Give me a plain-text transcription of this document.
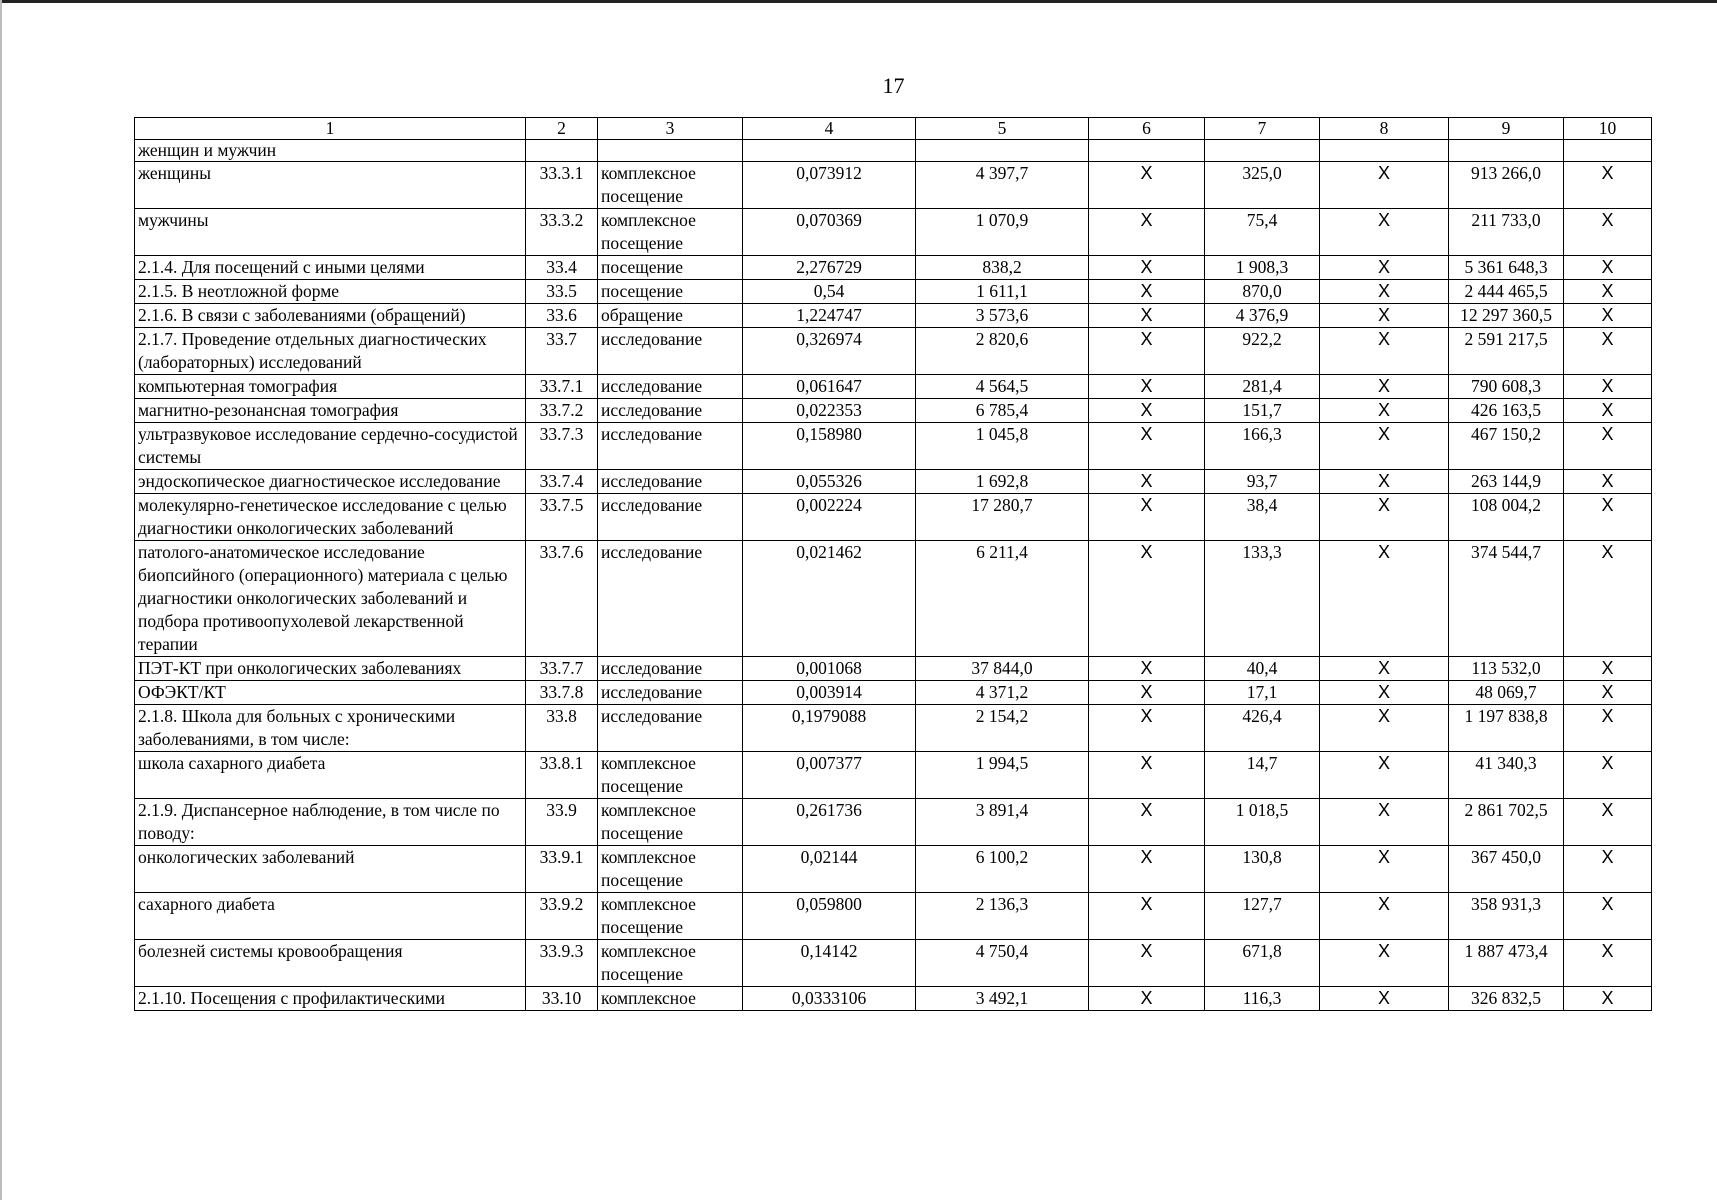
17
1	2	3	4	5	6	7	8	9	10
женщин и мужчин									
женщины	33.3.1	комплексное посещение	0,073912	4 397,7	Х	325,0	Х	913 266,0	Х
мужчины	33.3.2	комплексное посещение	0,070369	1 070,9	Х	75,4	Х	211 733,0	Х
2.1.4. Для посещений с иными целями	33.4	посещение	2,276729	838,2	Х	1 908,3	Х	5 361 648,3	Х
2.1.5. В неотложной форме	33.5	посещение	0,54	1 611,1	Х	870,0	Х	2 444 465,5	Х
2.1.6. В связи с заболеваниями (обращений)	33.6	обращение	1,224747	3 573,6	Х	4 376,9	Х	12 297 360,5	Х
2.1.7. Проведение отдельных диагностических (лабораторных) исследований	33.7	исследование	0,326974	2 820,6	Х	922,2	Х	2 591 217,5	Х
компьютерная томография	33.7.1	исследование	0,061647	4 564,5	Х	281,4	Х	790 608,3	Х
магнитно-резонансная томография	33.7.2	исследование	0,022353	6 785,4	Х	151,7	Х	426 163,5	Х
ультразвуковое исследование сердечно-сосудистой системы	33.7.3	исследование	0,158980	1 045,8	Х	166,3	Х	467 150,2	Х
эндоскопическое диагностическое исследование	33.7.4	исследование	0,055326	1 692,8	Х	93,7	Х	263 144,9	Х
молекулярно-генетическое исследование с целью диагностики онкологических заболеваний	33.7.5	исследование	0,002224	17 280,7	Х	38,4	Х	108 004,2	Х
патолого-анатомическое исследование биопсийного (операционного) материала с целью диагностики онкологических заболеваний и подбора противоопухолевой лекарственной терапии	33.7.6	исследование	0,021462	6 211,4	Х	133,3	Х	374 544,7	Х
ПЭТ-КТ при онкологических заболеваниях	33.7.7	исследование	0,001068	37 844,0	Х	40,4	Х	113 532,0	Х
ОФЭКТ/КТ	33.7.8	исследование	0,003914	4 371,2	Х	17,1	Х	48 069,7	Х
2.1.8. Школа для больных с хроническими заболеваниями, в том числе:	33.8	исследование	0,1979088	2 154,2	Х	426,4	Х	1 197 838,8	Х
школа сахарного диабета	33.8.1	комплексное посещение	0,007377	1 994,5	Х	14,7	Х	41 340,3	Х
2.1.9. Диспансерное наблюдение, в том числе по поводу:	33.9	комплексное посещение	0,261736	3 891,4	Х	1 018,5	Х	2 861 702,5	Х
онкологических заболеваний	33.9.1	комплексное посещение	0,02144	6 100,2	Х	130,8	Х	367 450,0	Х
сахарного диабета	33.9.2	комплексное посещение	0,059800	2 136,3	Х	127,7	Х	358 931,3	Х
болезней системы кровообращения	33.9.3	комплексное посещение	0,14142	4 750,4	Х	671,8	Х	1 887 473,4	Х
2.1.10. Посещения с профилактическими	33.10	комплексное	0,0333106	3 492,1	Х	116,3	Х	326 832,5	Х
